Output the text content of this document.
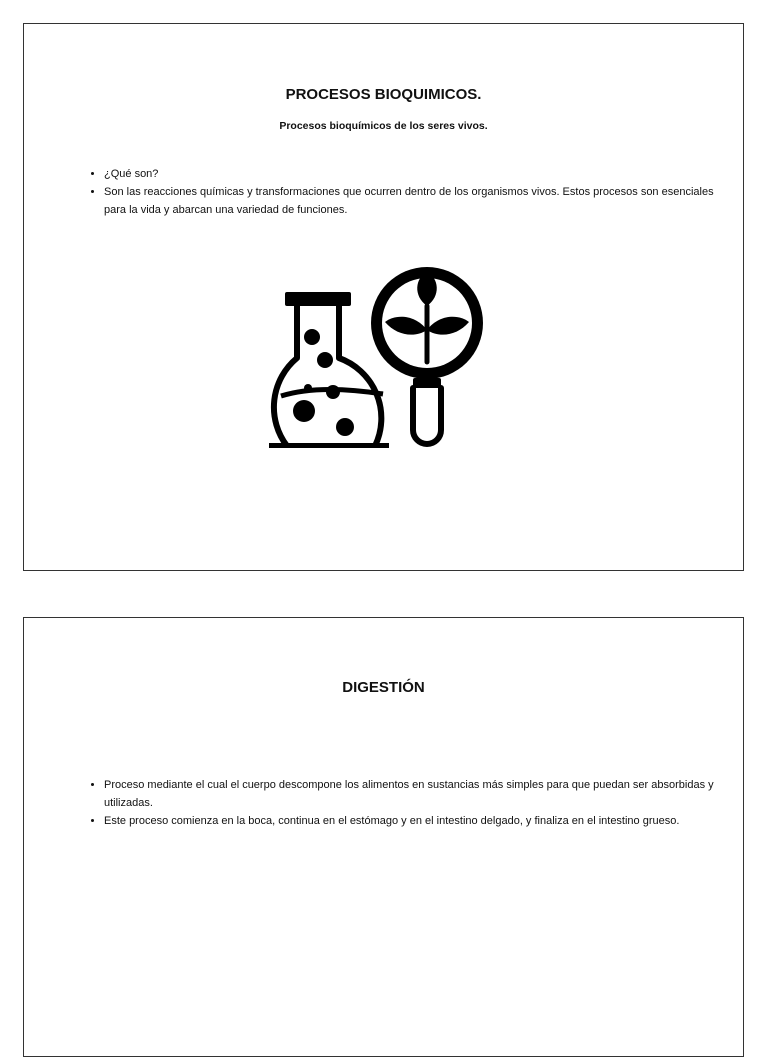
PROCESOS BIOQUIMICOS.

Procesos bioquímicos de los seres vivos.

• ¿Qué son?
• Son las reacciones químicas y transformaciones que ocurren dentro de los organismos vivos. Estos procesos son esenciales para la vida y abarcan una variedad de funciones.
DIGESTIÓN
• Proceso mediante el cual el cuerpo descompone los alimentos en sustancias más simples para que puedan ser absorbidas y utilizadas.
• Este proceso comienza en la boca, continua en el estómago y en el intestino delgado, y finaliza en el intestino grueso.
